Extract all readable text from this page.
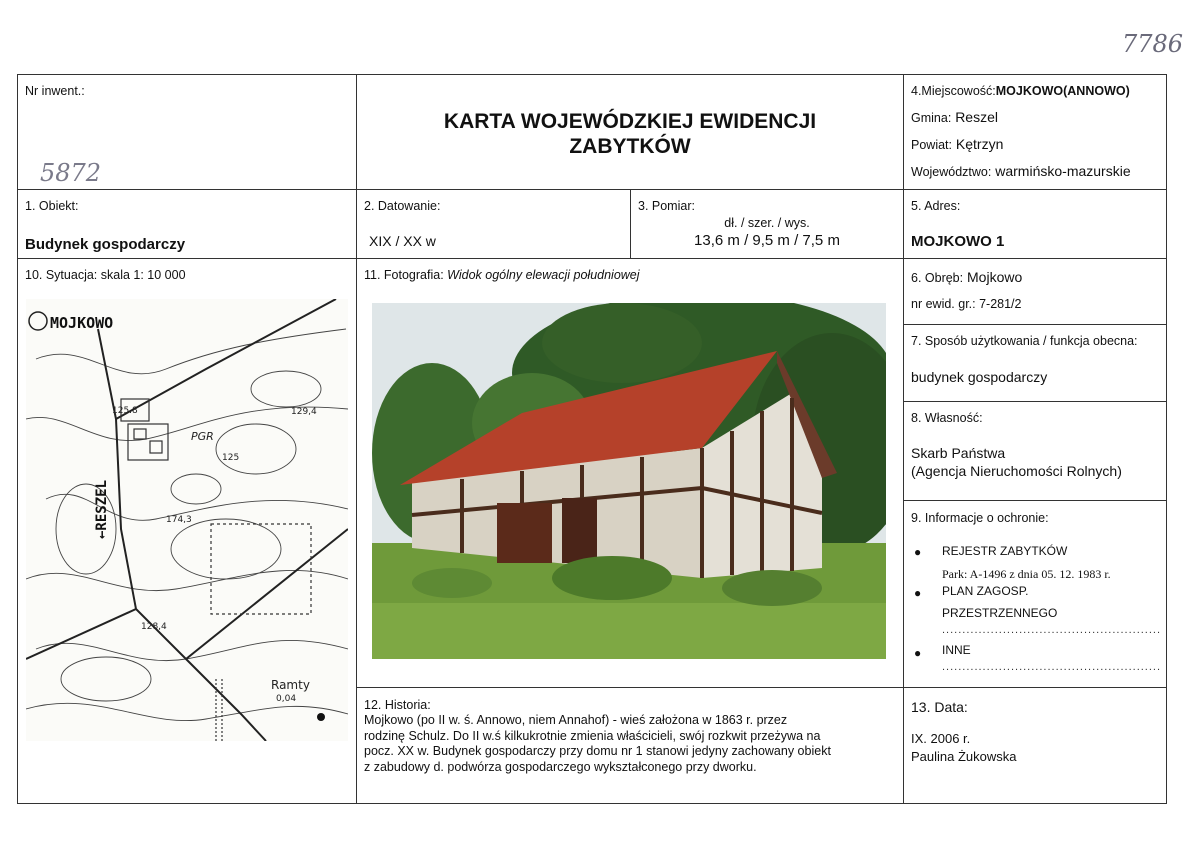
7786
Nr inwent.:
5872
KARTA WOJEWÓDZKIEJ EWIDENCJI
ZABYTKÓW
4.Miejscowość:MOJKOWO(ANNOWO)
Gmina: Reszel
Powiat: Kętrzyn
Województwo: warmińsko-mazurskie
1. Obiekt:
Budynek gospodarczy
2. Datowanie:
XIX / XX w
3. Pomiar:
dł. / szer. / wys.
13,6 m / 9,5 m / 7,5 m
5. Adres:
MOJKOWO 1
10. Sytuacja: skala 1: 10 000
125.8
125
129,4
174,3
128,4
PGR
Ramty
0,04
MOJKOWO
←RESZEL
11. Fotografia: Widok ogólny elewacji południowej	6. Obręb: Mojkowo
nr ewid. gr.: 7-281/2
7. Sposób użytkowania / funkcja obecna:
budynek gospodarczy
8. Własność:
Skarb Państwa
(Agencja Nieruchomości Rolnych)
9. Informacje o ochronie:
● REJESTR ZABYTKÓW
Park: A-1496 z dnia 05. 12. 1983 r.
● PLAN ZAGOSP.
PRZESTRZENNEGO
......................................................
● INNE
......................................................
12. Historia:
Mojkowo (po II w. ś. Annowo, niem Annahof) - wieś założona w 1863 r. przez
rodzinę Schulz. Do II w.ś kilkukrotnie zmienia właścicieli, swój rozkwit przeżywa na
pocz. XX w. Budynek gospodarczy przy domu nr 1 stanowi jedyny zachowany obiekt
z zabudowy d. podwórza gospodarczego wykształconego przy dworku.
13. Data:
IX. 2006 r.
Paulina Żukowska
